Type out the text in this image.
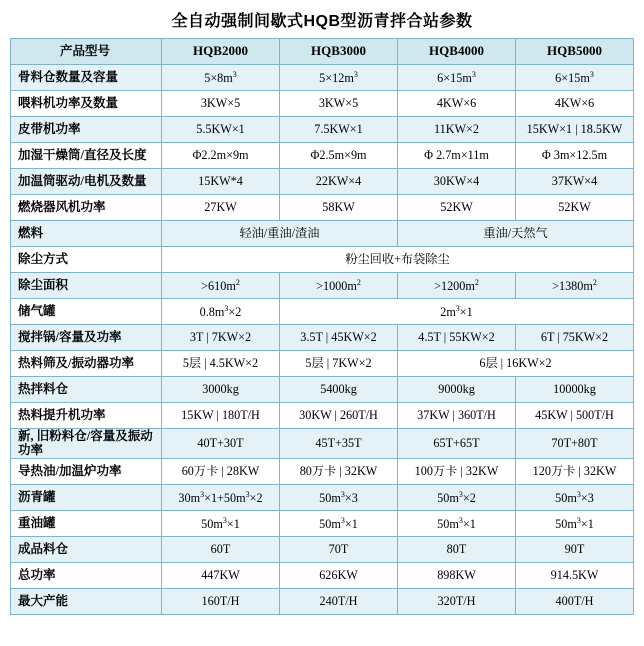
全自动强制间歇式HQB型沥青拌合站参数
产品型号	HQB2000	HQB3000	HQB4000	HQB5000
骨料仓数量及容量	$5\times 8m^3$	$5\times 12m^3$	$6\times 15m^3$	$6\times 15m^3$
喂料机功率及数量	3KW×5	3KW×5	4KW×6	4KW×6
皮带机功率	5.5KW×1	7.5KW×1	11KW×2	15KW×1 | 18.5KW
加湿干燥筒/直径及长度	Φ2.2m×9m	Φ2.5m×9m	Φ 2.7m×11m	Φ 3m×12.5m
加温筒驱动/电机及数量	15KW*4	22KW×4	30KW×4	37KW×4
燃烧器风机功率	27KW	58KW	52KW	52KW
燃料	轻油/重油/渣油		重油/天然气	
除尘方式	粉尘回收+布袋除尘			
除尘面积	$>610m^2$	$>1000m^2$	$>1200m^2$	$>1380m^2$
储气罐	$0.8m^3\times 2$	$2m^3\times 1$		
搅拌锅/容量及功率	3T | 7KW×2	3.5T | 45KW×2	4.5T | 55KW×2	6T | 75KW×2
热料筛及/振动器功率	5层 | 4.5KW×2	5层 | 7KW×2	6层 | 16KW×2	
热拌料仓	3000kg	5400kg	9000kg	10000kg
热料提升机功率	15KW | 180T/H	30KW | 260T/H	37KW | 360T/H	45KW | 500T/H
新, 旧粉料仓/容量及振动功率	40T+30T	45T+35T	65T+65T	70T+80T
导热油/加温炉功率	60万卡 | 28KW	80万卡 | 32KW	100万卡 | 32KW	120万卡 | 32KW
沥青罐	$30m^3\times 1+50m^3\times 2$	$50m^3\times 3$	$50m^3\times 2$	$50m^3\times 3$
重油罐	$50m^3\times 1$	$50m^3\times 1$	$50m^3\times 1$	$50m^3\times 1$
成品料仓	60T	70T	80T	90T
总功率	447KW	626KW	898KW	914.5KW
最大产能	160T/H	240T/H	320T/H	400T/H
